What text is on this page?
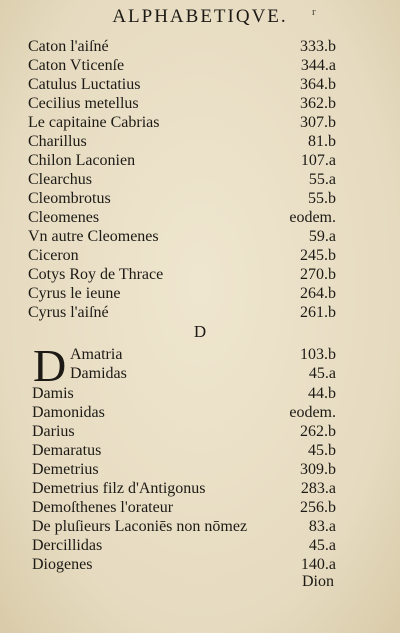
ALPHABETIQVE.	r
Caton l'aiſné	333.b
Caton Vticenſe	344.a
Catulus Luctatius	364.b
Cecilius metellus	362.b
Le capitaine Cabrias	307.b
Charillus	81.b
Chilon Laconien	107.a
Clearchus	55.a
Cleombrotus	55.b
Cleomenes	eodem.
Vn autre Cleomenes	59.a
Ciceron	245.b
Cotys Roy de Thrace	270.b
Cyrus le ieune	264.b
Cyrus l'aiſné	261.b
D
D Amatria	103.b
Damidas	45.a
Damis	44.b
Damonidas	eodem.
Darius	262.b
Demaratus	45.b
Demetrius	309.b
Demetrius filz d'Antigonus	283.a
Demoſthenes l'orateur	256.b
De pluſieurs Laconiēs non nōmez	83.a
Dercillidas	45.a
Diogenes	140.a
Dion
